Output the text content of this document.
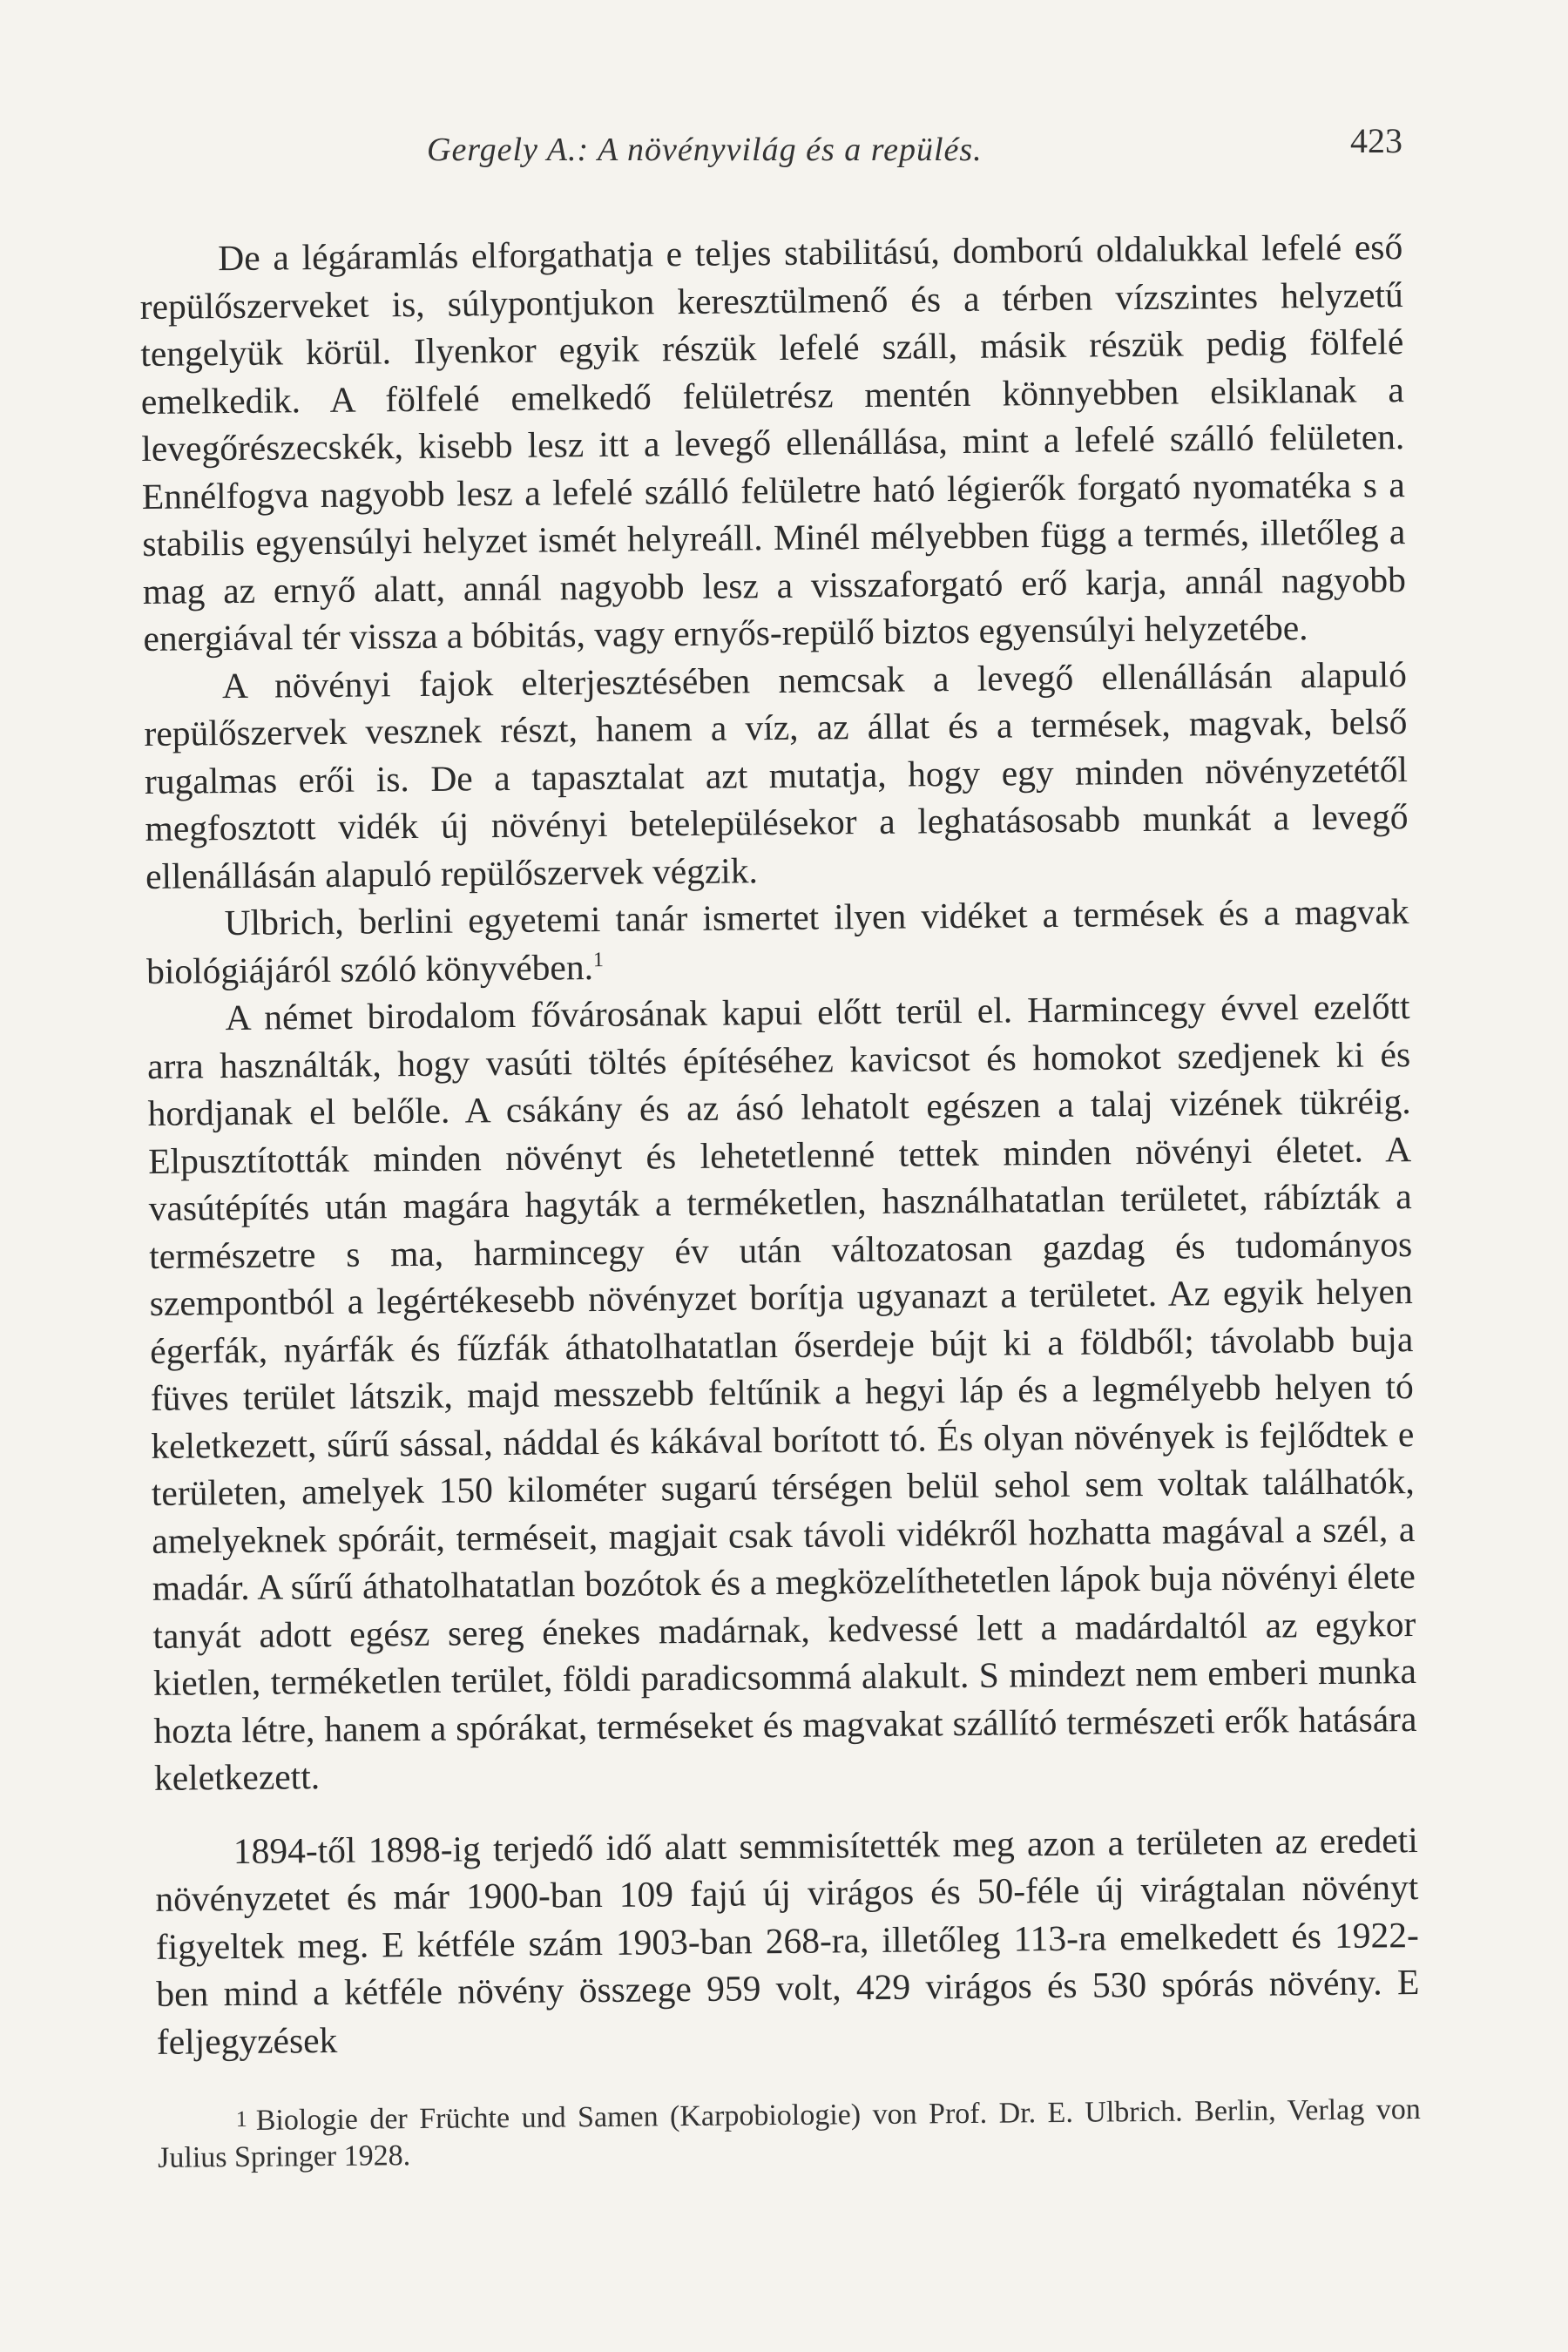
Gergely A.: A növényvilág és a repülés.	423

De a légáramlás elforgathatja e teljes stabilitású, domború oldalukkal lefelé eső repülőszerveket is, súlypontjukon keresztülmenő és a térben vízszintes helyzetű tengelyük körül. Ilyenkor egyik részük lefelé száll, másik részük pedig fölfelé emelkedik. A fölfelé emelkedő felületrész mentén könnyebben elsiklanak a levegőrészecskék, kisebb lesz itt a levegő ellenállása, mint a lefelé szálló felületen. Ennélfogva nagyobb lesz a lefelé szálló felületre ható légierők forgató nyomatéka s a stabilis egyensúlyi helyzet ismét helyreáll. Minél mélyebben függ a termés, illetőleg a mag az ernyő alatt, annál nagyobb lesz a visszaforgató erő karja, annál nagyobb energiával tér vissza a bóbitás, vagy ernyős-repülő biztos egyensúlyi helyzetébe.

A növényi fajok elterjesztésében nemcsak a levegő ellenállásán alapuló repülőszervek vesznek részt, hanem a víz, az állat és a termések, magvak, belső rugalmas erői is. De a tapasztalat azt mutatja, hogy egy minden növényzetétől megfosztott vidék új növényi betelepülésekor a leghatásosabb munkát a levegő ellenállásán alapuló repülőszervek végzik.

Ulbrich, berlini egyetemi tanár ismertet ilyen vidéket a termések és a magvak biológiájáról szóló könyvében.$^1$

A német birodalom fővárosának kapui előtt terül el. Harmincegy évvel ezelőtt arra használták, hogy vasúti töltés építéséhez kavicsot és homokot szedjenek ki és hordjanak el belőle. A csákány és az ásó lehatolt egészen a talaj vizének tükréig. Elpusztították minden növényt és lehetetlenné tettek minden növényi életet. A vasútépítés után magára hagyták a terméketlen, használhatatlan területet, rábízták a természetre s ma, harmincegy év után változatosan gazdag és tudományos szempontból a legértékesebb növényzet borítja ugyanazt a területet. Az egyik helyen égerfák, nyárfák és fűzfák áthatolhatatlan őserdeje bújt ki a földből; távolabb buja füves terület látszik, majd messzebb feltűnik a hegyi láp és a legmélyebb helyen tó keletkezett, sűrű sással, náddal és kákával borított tó. És olyan növények is fejlődtek e területen, amelyek 150 kilométer sugarú térségen belül sehol sem voltak találhatók, amelyeknek spóráit, terméseit, magjait csak távoli vidékről hozhatta magával a szél, a madár. A sűrű áthatolhatatlan bozótok és a megközelíthetetlen lápok buja növényi élete tanyát adott egész sereg énekes madárnak, kedvessé lett a madárdaltól az egykor kietlen, terméketlen terület, földi paradicsommá alakult. S mindezt nem emberi munka hozta létre, hanem a spórákat, terméseket és magvakat szállító természeti erők hatására keletkezett.

1894-től 1898-ig terjedő idő alatt semmisítették meg azon a területen az eredeti növényzetet és már 1900-ban 109 fajú új virágos és 50-féle új virágtalan növényt figyeltek meg. E kétféle szám 1903-ban 268-ra, illetőleg 113-ra emelkedett és 1922-ben mind a kétféle növény összege 959 volt, 429 virágos és 530 spórás növény. E feljegyzések

1 Biologie der Früchte und Samen (Karpobiologie) von Prof. Dr. E. Ulbrich. Berlin, Verlag von Julius Springer 1928.
